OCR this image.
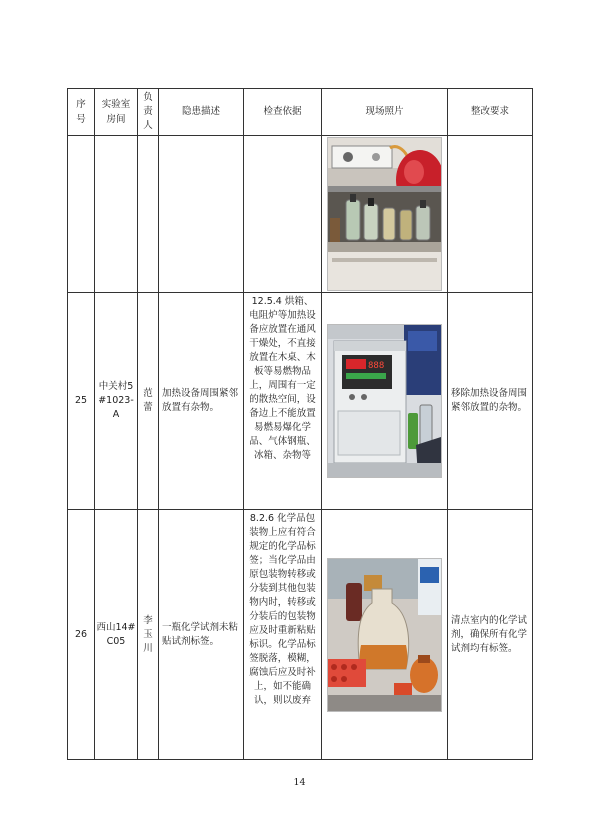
序号	实验室房间	负责人	隐患描述	检查依据	现场照片	整改要求

25	中关村5#1023-A	范蕾	加热设备周围紧邻放置有杂物。	12.5.4 烘箱、电阻炉等加热设备应放置在通风干燥处，不直接放置在木桌、木板等易燃物品上，周围有一定的散热空间，设备边上不能放置易燃易爆化学品、气体钢瓶、冰箱、杂物等	888	移除加热设备周围紧邻放置的杂物。
26	西山14#C05	李玉川	一瓶化学试剂未粘贴试剂标签。	8.2.6 化学品包装物上应有符合规定的化学品标签；当化学品由原包装物转移或分装到其他包装物内时，转移或分装后的包装物应及时重新粘贴标识。化学品标签脱落，模糊，腐蚀后应及时补上，如不能确认，则以废弃		清点室内的化学试剂，确保所有化学试剂均有标签。
14
